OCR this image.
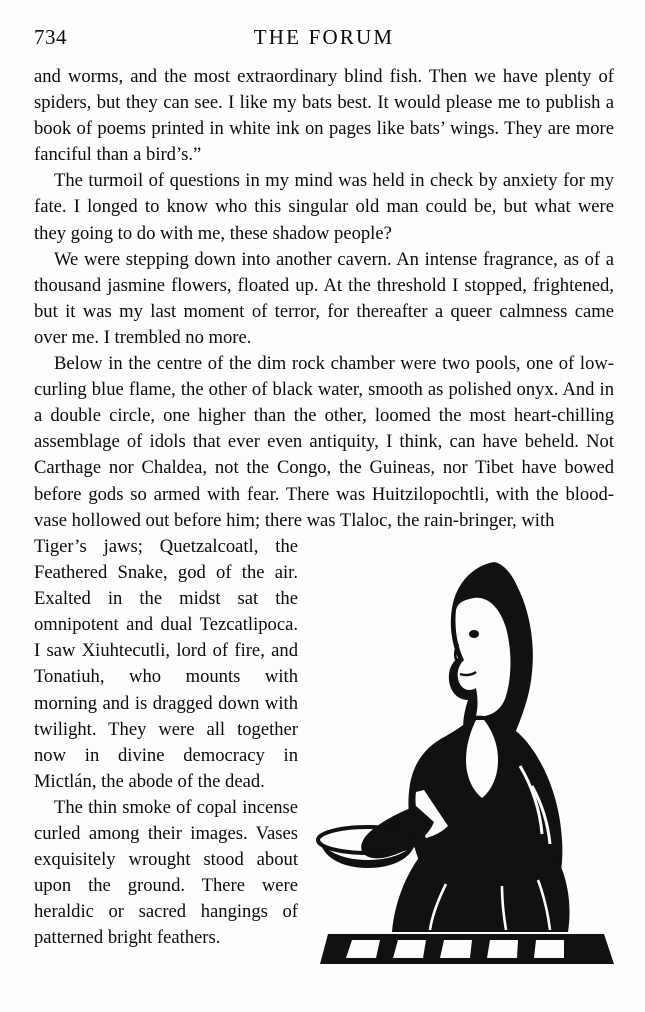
734	THE FORUM

and worms, and the most extraordinary blind fish. Then we have plenty of spiders, but they can see. I like my bats best. It would please me to publish a book of poems printed in white ink on pages like bats’ wings. They are more fanciful than a bird’s.”

The turmoil of questions in my mind was held in check by anxiety for my fate. I longed to know who this singular old man could be, but what were they going to do with me, these shadow people?

We were stepping down into another cavern. An intense fragrance, as of a thousand jasmine flowers, floated up. At the threshold I stopped, frightened, but it was my last moment of terror, for thereafter a queer calmness came over me. I trembled no more.

Below in the centre of the dim rock chamber were two pools, one of low-curling blue flame, the other of black water, smooth as polished onyx. And in a double circle, one higher than the other, loomed the most heart-chilling assemblage of idols that ever even antiquity, I think, can have beheld. Not Carthage nor Chaldea, not the Congo, the Guineas, nor Tibet have bowed before gods so armed with fear. There was Huitzilopochtli, with the blood-vase hollowed out before him; there was Tlaloc, the rain-bringer, with

Tiger’s jaws; Quetzalcoatl, the Feathered Snake, god of the air. Exalted in the midst sat the omnipotent and dual Tezcatlipoca. I saw Xiuhtecutli, lord of fire, and Tonatiuh, who mounts with morning and is dragged down with twilight. They were all together now in divine democracy in Mictlán, the abode of the dead.

The thin smoke of copal incense curled among their images. Vases exquisitely wrought stood about upon the ground. There were heraldic or sacred hangings of patterned bright feathers.
